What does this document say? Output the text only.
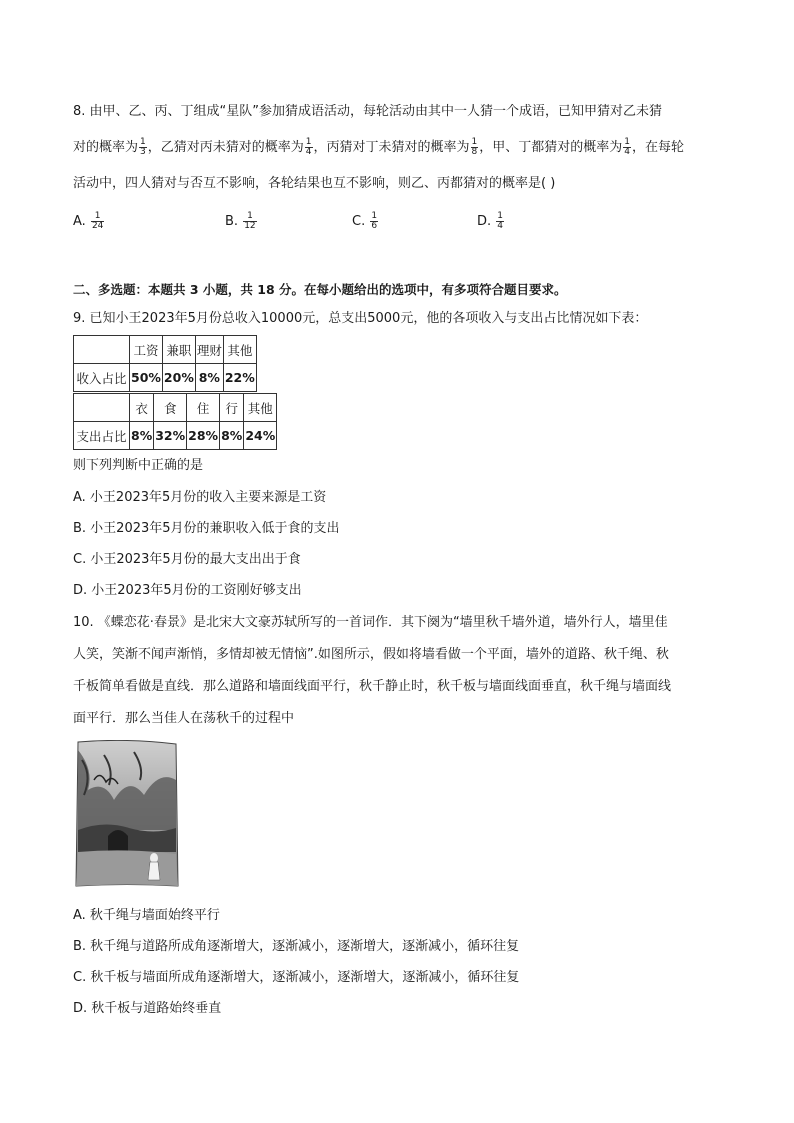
8. 由甲、乙、丙、丁组成“星队”参加猜成语活动，每轮活动由其中一人猜一个成语，已知甲猜对乙未猜
对的概率为 $\frac{1}{3}$ ，乙猜对丙未猜对的概率为 $\frac{1}{4}$ ，丙猜对丁未猜对的概率为 $\frac{1}{8}$ ，甲、丁都猜对的概率为 $\frac{1}{4}$ ，在每轮
活动中，四人猜对与否互不影响，各轮结果也互不影响，则乙、丙都猜对的概率是( )
A. $\frac{1}{24}$	B. $\frac{1}{12}$	C. $\frac{1}{6}$	D. $\frac{1}{4}$
二、多选题：本题共 3 小题，共 18 分。在每小题给出的选项中，有多项符合题目要求。
9. 已知小王2023年5月份总收入10000元，总支出5000元，他的各项收入与支出占比情况如下表：
	工资	兼职	理财	其他
收入占比	50%	20%	8%	22%
	衣	食	住	行	其他
支出占比	8%	32%	28%	8%	24%
则下列判断中正确的是
A. 小王2023年5月份的收入主要来源是工资
B. 小王2023年5月份的兼职收入低于食的支出
C. 小王2023年5月份的最大支出出于食
D. 小王2023年5月份的工资刚好够支出
10. 《蝶恋花·春景》是北宋大文豪苏轼所写的一首词作．其下阕为“墙里秋千墙外道，墙外行人，墙里佳
人笑，笑渐不闻声渐悄，多情却被无情恼”.如图所示，假如将墙看做一个平面，墙外的道路、秋千绳、秋
千板简单看做是直线．那么道路和墙面线面平行，秋千静止时，秋千板与墙面线面垂直，秋千绳与墙面线
面平行．那么当佳人在荡秋千的过程中
A. 秋千绳与墙面始终平行
B. 秋千绳与道路所成角逐渐增大，逐渐减小，逐渐增大，逐渐减小，循环往复
C. 秋千板与墙面所成角逐渐增大，逐渐减小，逐渐增大，逐渐减小，循环往复
D. 秋千板与道路始终垂直
